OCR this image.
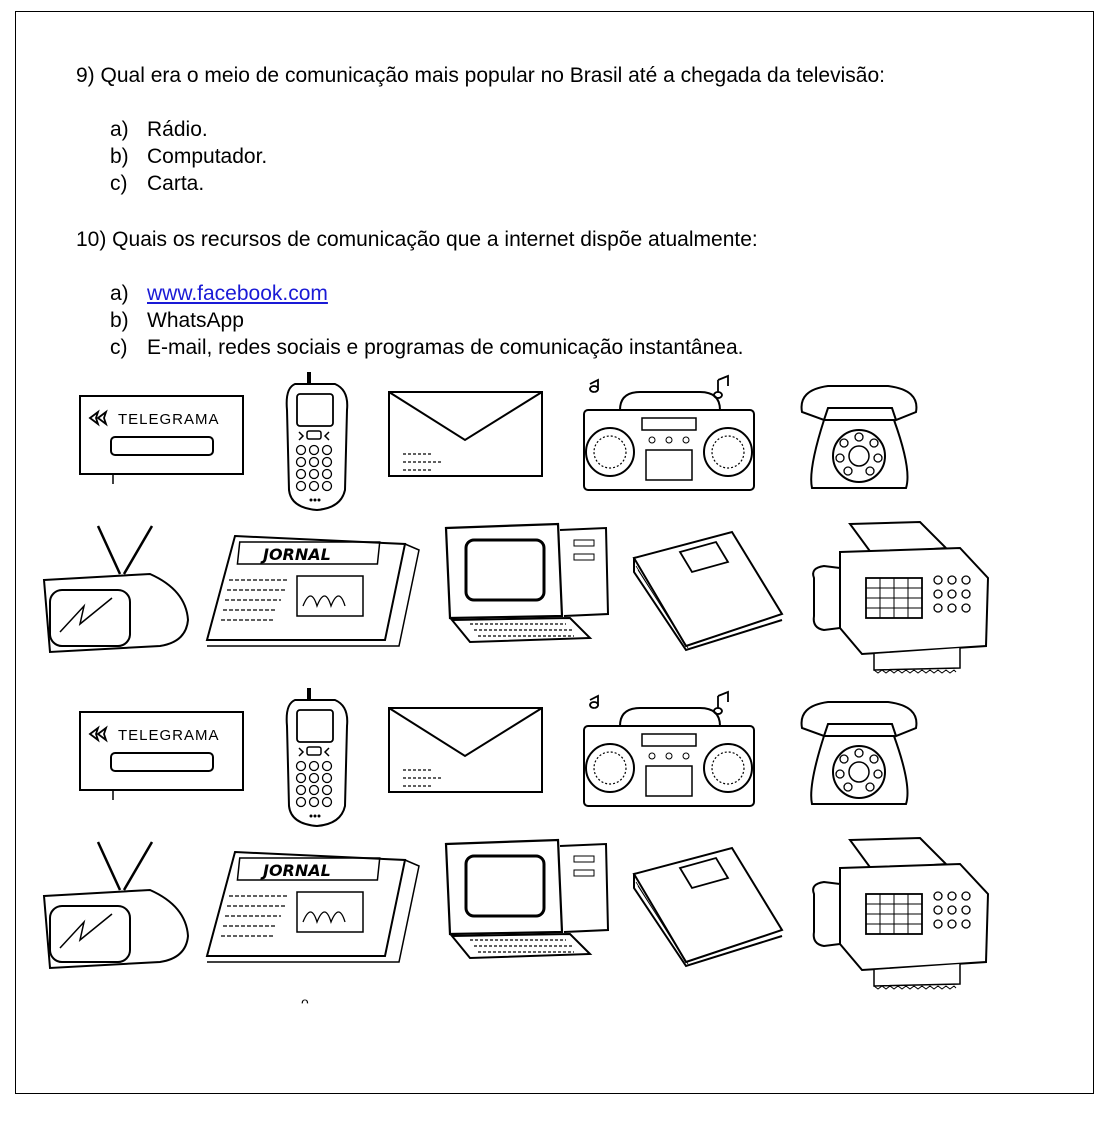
9) Qual era o meio de comunicação mais popular no Brasil até a chegada da televisão:
a) Rádio.
b) Computador.
c) Carta.
10) Quais os recursos de comunicação que a internet dispõe atualmente:
a) www.facebook.com
b) WhatsApp
c) E-mail, redes sociais e programas de comunicação instantânea.
TELEGRAMA
JORNAL
TELEGRAMA
JORNAL
ᴖ
